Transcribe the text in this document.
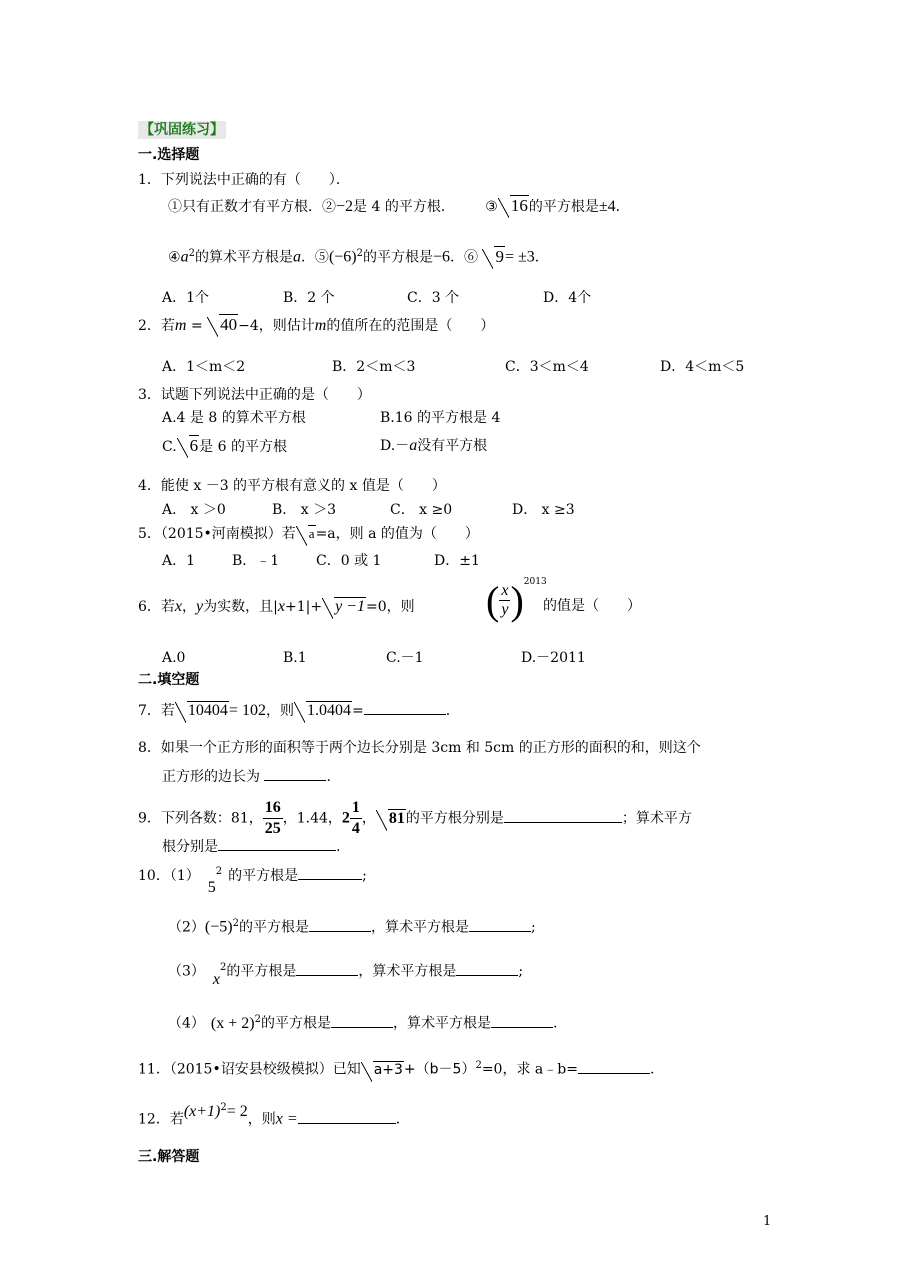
【巩固练习】
一.选择题
1．下列说法中正确的有（　　）．
①只有正数才有平方根．②−2是 4 的平方根． ③ 16的平方根是±4．
$④a^2$的算术平方根是a．$⑤(-6)^2$的平方根是−6．⑥ 9= ±3．
A．1个	B．2 个	C．3 个	D．4个
2．若m = 40−4，则估计m的值所在的范围是（　　）
A．1＜m＜2	B．2＜m＜3	C．3＜m＜4	D．4＜m＜5
3．试题下列说法中正确的是（　　）
A.4 是 8 的算术平方根	B.16 的平方根是 4
C. 6是 6 的平方根	D.－a没有平方根
4．能使 x －3 的平方根有意义的 x 值是（　　）
A． x ＞0	B． x ＞3	C． x ≥0	D． x ≥3
5．（2015•河南模拟）若 a=a，则 a 的值为（　　）
A．1	B．﹣1	C．0 或 1	D．±1
6．若x，y为实数，且|x+1|+ y −1=0，则 ( $\frac{x}{y} )^{2013}$
的值是（　　）
A.0	B.1	C.－1	D.－2011
二.填空题
7．若 10404= 102，则 1.0404=	.
8．如果一个正方形的面积等于两个边长分别是 3cm 和 5cm 的正方形的面积的和，则这个
正方形的边长为	.
9．下列各数：81， $\frac{16}{25}$ ，1.44，$2 \frac{1}{4}$ ， 81的平方根分别是	；算术平方
根分别是	.
10．$(1)5^2$ 的平方根是	;
$(2)(-5)^2$的平方根是	，算术平方根是	;
（3） $x^2$的平方根是	，算术平方根是	;
（4） $(x + 2)^2$的平方根是	，算术平方根是	.
11．（2015•诏安县校级模拟）已知 $a+3+(b-5)^2=0$，求 a﹣b=	.
12．若$(x+1)^2= 2$，则x =	．
三.解答题
1
